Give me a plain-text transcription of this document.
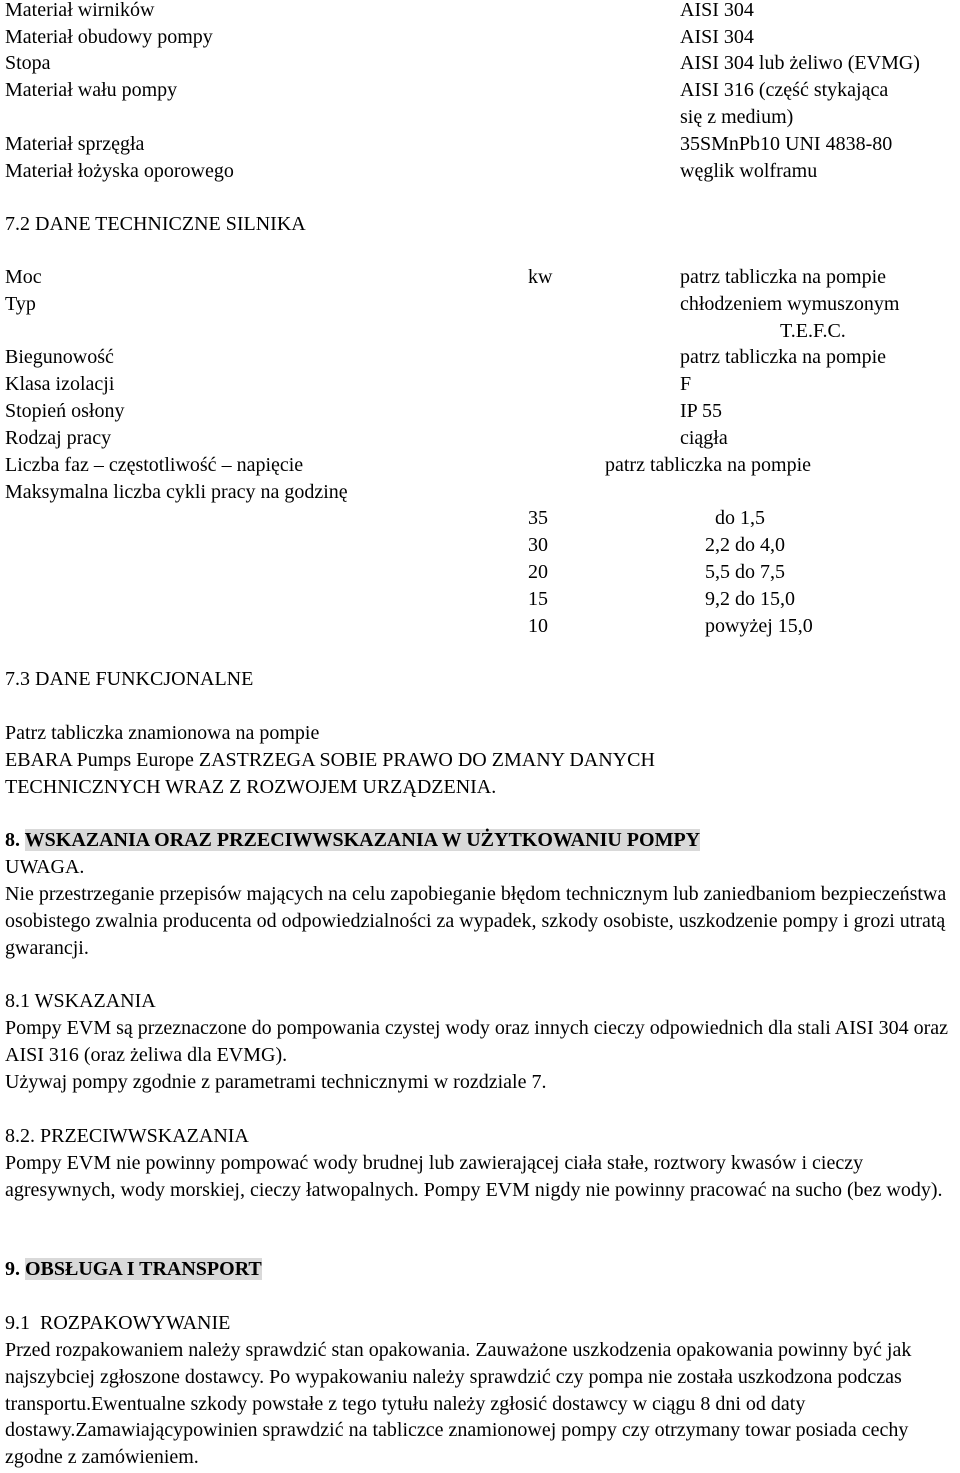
Materiał wirników	AISI 304
Materiał obudowy pompy	AISI 304
Stopa	AISI 304 lub żeliwo (EVMG)
Materiał wału pompy	AISI 316 (część stykająca
się z medium)
Materiał sprzęgła	35SMnPb10 UNI 4838-80
Materiał łożyska oporowego	węglik wolframu
7.2 DANE TECHNICZNE SILNIKA
Moc	kw	patrz tabliczka na pompie
Typ	chłodzeniem wymuszonym
T.E.F.C.
Biegunowość	patrz tabliczka na pompie
Klasa izolacji	F
Stopień osłony	IP 55
Rodzaj pracy	ciągła
Liczba faz – częstotliwość – napięcie	patrz tabliczka na pompie
Maksymalna liczba cykli pracy na godzinę
35	do 1,5
30	2,2 do 4,0
20	5,5 do 7,5
15	9,2 do 15,0
10	powyżej 15,0
7.3 DANE FUNKCJONALNE
Patrz tabliczka znamionowa na pompie
EBARA Pumps Europe ZASTRZEGA SOBIE PRAWO DO ZMANY DANYCH
TECHNICZNYCH WRAZ Z ROZWOJEM URZĄDZENIA.
8. WSKAZANIA ORAZ PRZECIWWSKAZANIA W UŻYTKOWANIU POMPY
UWAGA.
Nie przestrzeganie przepisów mających na celu zapobieganie błędom technicznym lub zaniedbaniom bezpieczeństwa osobistego zwalnia producenta od odpowiedzialności za wypadek, szkody osobiste, uszkodzenie pompy i grozi utratą gwarancji.
8.1 WSKAZANIA
Pompy EVM są przeznaczone do pompowania czystej wody oraz innych cieczy odpowiednich dla stali AISI 304 oraz AISI 316 (oraz żeliwa dla EVMG).
Używaj pompy zgodnie z parametrami technicznymi w rozdziale 7.
8.2. PRZECIWWSKAZANIA
Pompy EVM nie powinny pompować wody brudnej lub zawierającej ciała stałe, roztwory kwasów i cieczy agresywnych, wody morskiej, cieczy łatwopalnych. Pompy EVM nigdy nie powinny pracować na sucho (bez wody).
9. OBSŁUGA I TRANSPORT
9.1  ROZPAKOWYWANIE
Przed rozpakowaniem należy sprawdzić stan opakowania. Zauważone uszkodzenia opakowania powinny być jak najszybciej zgłoszone dostawcy. Po wypakowaniu należy sprawdzić czy pompa nie została uszkodzona podczas transportu.Ewentualne szkody powstałe z tego tytułu należy zgłosić dostawcy w ciągu 8 dni od daty dostawy.Zamawiającypowinien sprawdzić na tabliczce znamionowej pompy czy otrzymany towar posiada cechy zgodne z zamówieniem.
